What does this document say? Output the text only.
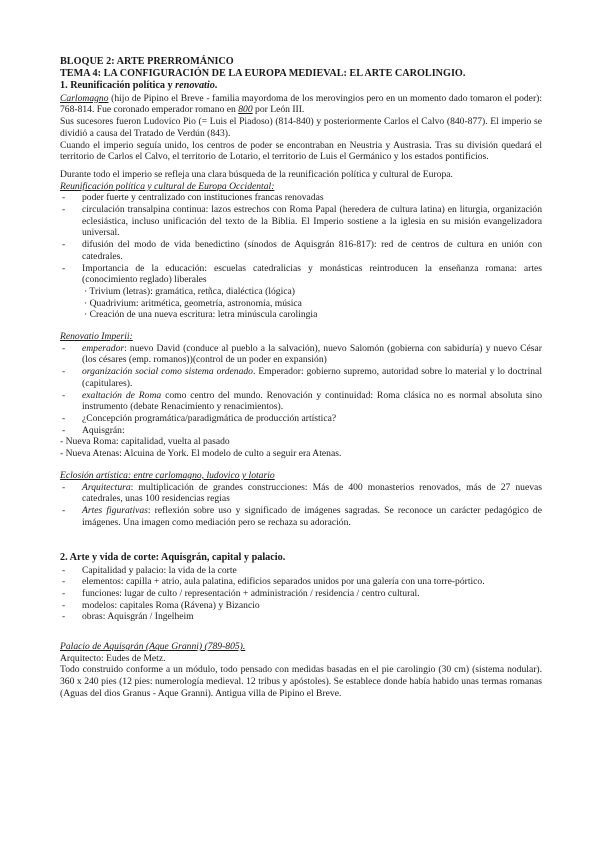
BLOQUE 2: ARTE PRERROMÁNICO
TEMA 4: LA CONFIGURACIÓN DE LA EUROPA MEDIEVAL: EL ARTE CAROLINGIO.
1. Reunificación política y renovatio.

Carlomagno (hijo de Pipino el Breve - familia mayordoma de los merovingios pero en un momento dado tomaron el poder): 768-814. Fue coronado emperador romano en 800 por León III.

Sus sucesores fueron Ludovico Pio (= Luis el Piadoso) (814-840) y posteriormente Carlos el Calvo (840-877). El imperio se dividió a causa del Tratado de Verdún (843).

Cuando el imperio seguía unido, los centros de poder se encontraban en Neustria y Austrasia. Tras su división quedará el territorio de Carlos el Calvo, el territorio de Lotario, el territorio de Luis el Germánico y los estados pontificios.

Durante todo el imperio se refleja una clara búsqueda de la reunificación política y cultural de Europa.

Reunificación política y cultural de Europa Occidental:
- poder fuerte y centralizado con instituciones francas renovadas
- circulación transalpina continua: lazos estrechos con Roma Papal (heredera de cultura latina) en liturgia, organización eclesiástica, incluso unificación del texto de la Biblia. El Imperio sostiene a la iglesia en su misión evangelizadora universal.
- difusión del modo de vida benedictino (sínodos de Aquisgrán 816-817): red de centros de cultura en unión con catedrales.
- Importancia de la educación: escuelas catedralicias y monásticas reintroducen la enseñanza romana: artes (conocimiento reglado) liberales
· Trivium (letras): gramática, retñca, dialéctica (lógica)
· Quadrivium: aritmética, geometría, astronomía, música
· Creación de una nueva escritura: letra minúscula carolingia
Renovatio Imperii:
- emperador: nuevo David (conduce al pueblo a la salvación), nuevo Salomón (gobierna con sabiduría) y nuevo César (los césares (emp. romanos))(control de un poder en expansión)
- organización social como sistema ordenado. Emperador: gobierno supremo, autoridad sobre lo material y lo doctrinal (capitulares).
- exaltación de Roma como centro del mundo. Renovación y continuidad: Roma clásica no es normal absoluta sino instrumento (debate Renacimiento y renacimientos).
- ¿Concepción programática/paradigmática de producción artística?
- Aquisgrán:
- Nueva Roma: capitalidad, vuelta al pasado
- Nueva Atenas: Alcuina de York. El modelo de culto a seguir era Atenas.
Eclosión artística: entre carlomagno, ludovico y lotario
- Arquitectura: multiplicación de grandes construcciones: Más de 400 monasterios renovados, más de 27 nuevas catedrales, unas 100 residencias regias
- Artes figurativas: reflexión sobre uso y significado de imágenes sagradas. Se reconoce un carácter pedagógico de imágenes. Una imagen como mediación pero se rechaza su adoración.
2. Arte y vida de corte: Aquisgrán, capital y palacio.
- Capitalidad y palacio: la vida de la corte
- elementos: capilla + atrio, aula palatina, edificios separados unidos por una galería con una torre-pórtico.
- funciones: lugar de culto / representación + administración / residencia / centro cultural.
- modelos: capitales Roma (Rávena) y Bizancio
- obras: Aquisgrán / Ingelheim
Palacio de Aquisgrán (Aque Granni) (789-805).
Arquitecto: Eudes de Metz.

Todo construido conforme a un módulo, todo pensado con medidas basadas en el pie carolingio (30 cm) (sistema nodular). 360 x 240 pies (12 pies: numerología medieval. 12 tribus y apóstoles). Se establece donde había habido unas termas romanas (Aguas del dios Granus - Aque Granni). Antigua villa de Pipino el Breve.
